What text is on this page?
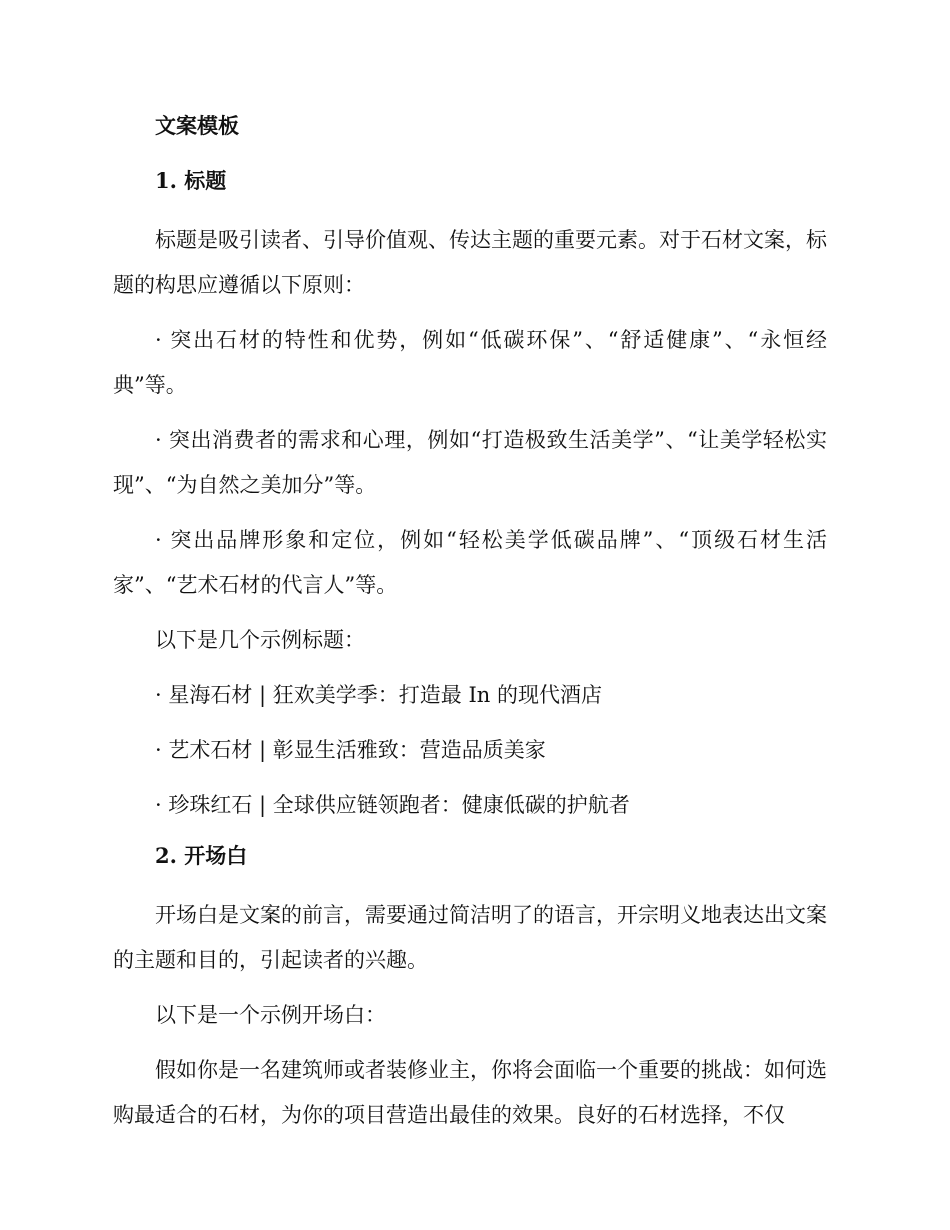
文案模板
1. 标题

标题是吸引读者、引导价值观、传达主题的重要元素。对于石材文案，标题的构思应遵循以下原则：

· 突出石材的特性和优势，例如“低碳环保”、“舒适健康”、“永恒经典”等。

· 突出消费者的需求和心理，例如“打造极致生活美学”、“让美学轻松实现”、“为自然之美加分”等。

· 突出品牌形象和定位，例如“轻松美学低碳品牌”、“顶级石材生活家”、“艺术石材的代言人”等。

以下是几个示例标题：

· 星海石材 | 狂欢美学季：打造最 In 的现代酒店

· 艺术石材 | 彰显生活雅致：营造品质美家

· 珍珠红石 | 全球供应链领跑者：健康低碳的护航者

2. 开场白

开场白是文案的前言，需要通过简洁明了的语言，开宗明义地表达出文案的主题和目的，引起读者的兴趣。

以下是一个示例开场白：

假如你是一名建筑师或者装修业主，你将会面临一个重要的挑战：如何选购最适合的石材，为你的项目营造出最佳的效果。良好的石材选择，不仅
